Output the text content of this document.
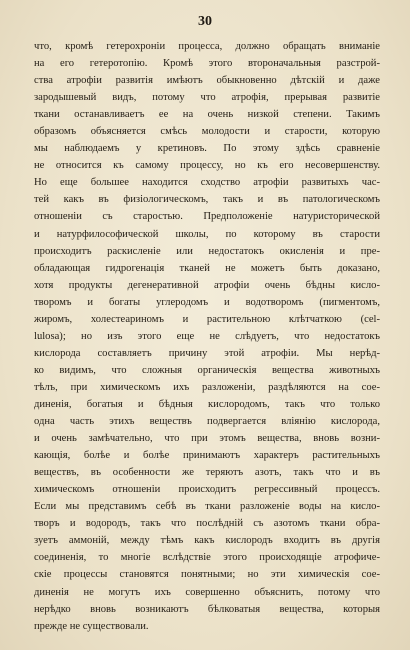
30
что, кромѣ гетерохроніи процесса, должно обращать вниманіе
на его гетеротопію. Кромѣ этого второначальныя разстрой-
ства атрофіи развитія имѣютъ обыкновенно дѣтскій и даже
зародышевый видъ, потому что атрофія, прерывая развитіе
ткани останавливаетъ ее на очень низкой степени. Такимъ
образомъ объясняется смѣсь молодости и старости, которую
мы наблюдаемъ у кретиновъ. По этому здѣсь сравненіе
не относится къ самому процессу, но къ его несовершенству.
Но еще большее находится сходство атрофіи развитыхъ час-
тей какъ въ физіологическомъ, такъ и въ патологическомъ
отношеніи съ старостью. Предположеніе натуристорической
и натурфилософической школы, по которому въ старости
происходитъ раскисленіе или недостатокъ окисленія и пре-
обладающая гидрогенація тканей не можетъ быть доказано,
хотя продукты дегенеративной атрофіи очень бѣдны кисло-
творомъ и богаты углеродомъ и водотворомъ (пигментомъ,
жиромъ, холестеариномъ и растительною клѣтчаткою (cel-
lulosa); но изъ этого еще не слѣдуетъ, что недостатокъ
кислорода составляетъ причину этой атрофіи. Мы нерѣд-
ко видимъ, что сложныя органическія вещества животныхъ
тѣлъ, при химическомъ ихъ разложеніи, раздѣляются на сое-
диненія, богатыя и бѣдныя кислородомъ, такъ что только
одна часть этихъ веществъ подвергается вліянію кислорода,
и очень замѣчательно, что при этомъ вещества, вновь возни-
кающія, болѣе и болѣе принимаютъ характеръ растительныхъ
веществъ, въ особенности же теряютъ азотъ, такъ что и въ
химическомъ отношеніи происходитъ регрессивный процессъ.
Если мы представимъ себѣ въ ткани разложеніе воды на кисло-
творъ и водородъ, такъ что послѣдній съ азотомъ ткани обра-
зуетъ аммоній, между тѣмъ какъ кислородъ входитъ въ другія
соединенія, то многіе вслѣдствіе этого происходящіе атрофиче-
скіе процессы становятся понятными; но эти химическія сое-
диненія не могутъ ихъ совершенно объяснить, потому что
нерѣдко вновь возникаютъ бѣлковатыя вещества, которыя
прежде не существовали.
